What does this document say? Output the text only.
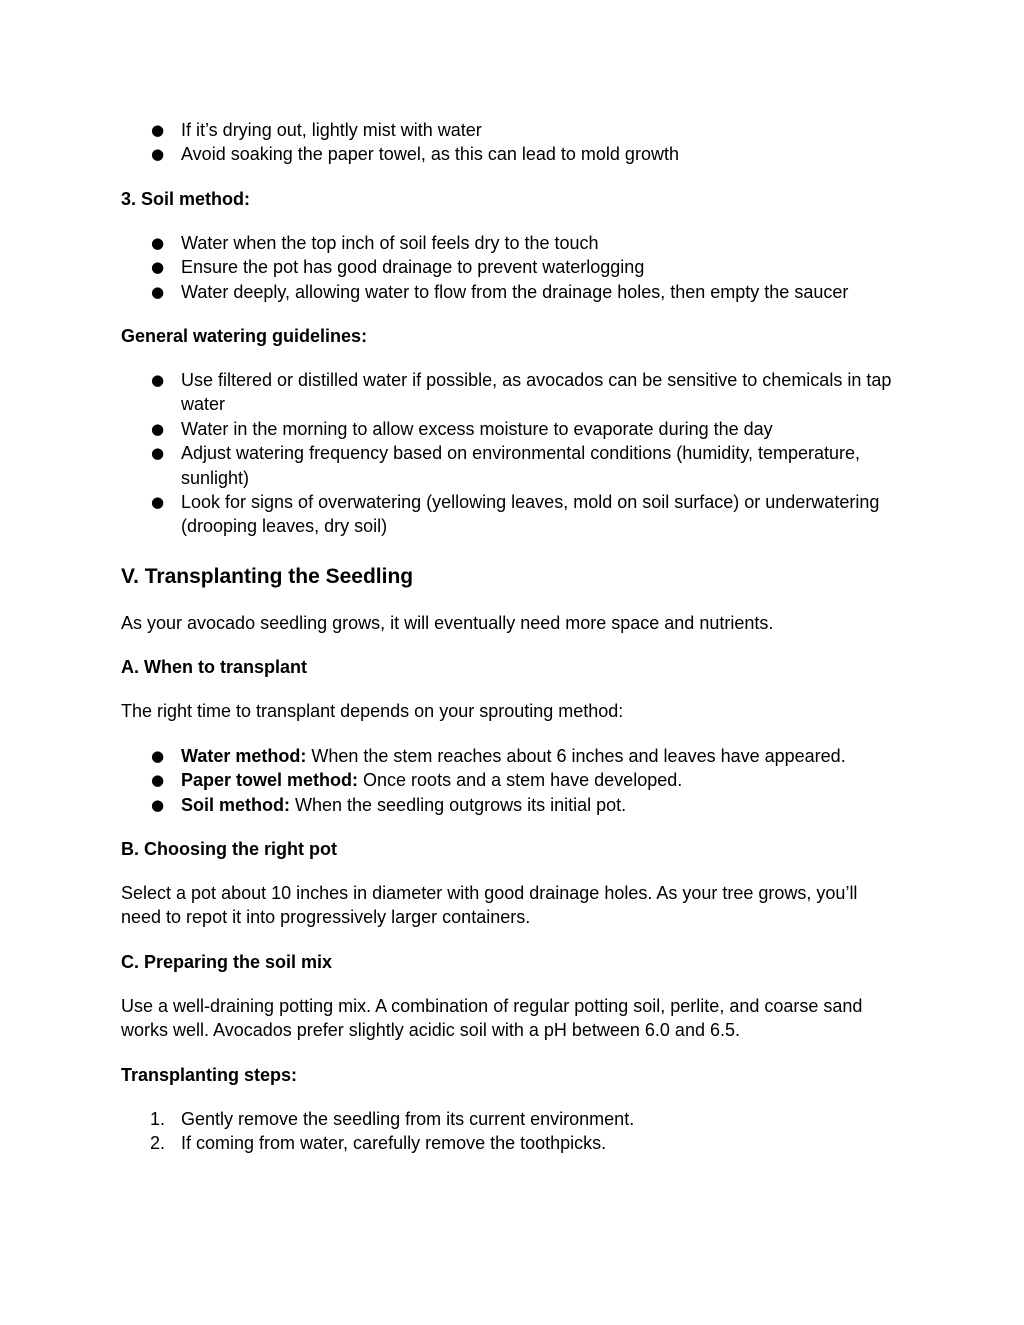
● If it’s drying out, lightly mist with water
● Avoid soaking the paper towel, as this can lead to mold growth

3. Soil method:

● Water when the top inch of soil feels dry to the touch
● Ensure the pot has good drainage to prevent waterlogging
● Water deeply, allowing water to flow from the drainage holes, then empty the saucer

General watering guidelines:

● Use filtered or distilled water if possible, as avocados can be sensitive to chemicals in tap water
● Water in the morning to allow excess moisture to evaporate during the day
● Adjust watering frequency based on environmental conditions (humidity, temperature, sunlight)
● Look for signs of overwatering (yellowing leaves, mold on soil surface) or underwatering (drooping leaves, dry soil)
V. Transplanting the Seedling

As your avocado seedling grows, it will eventually need more space and nutrients.

A. When to transplant

The right time to transplant depends on your sprouting method:

● Water method: When the stem reaches about 6 inches and leaves have appeared.
● Paper towel method: Once roots and a stem have developed.
● Soil method: When the seedling outgrows its initial pot.

B. Choosing the right pot

Select a pot about 10 inches in diameter with good drainage holes. As your tree grows, you’ll need to repot it into progressively larger containers.

C. Preparing the soil mix

Use a well-draining potting mix. A combination of regular potting soil, perlite, and coarse sand works well. Avocados prefer slightly acidic soil with a pH between 6.0 and 6.5.

Transplanting steps:

1. Gently remove the seedling from its current environment.
2. If coming from water, carefully remove the toothpicks.
